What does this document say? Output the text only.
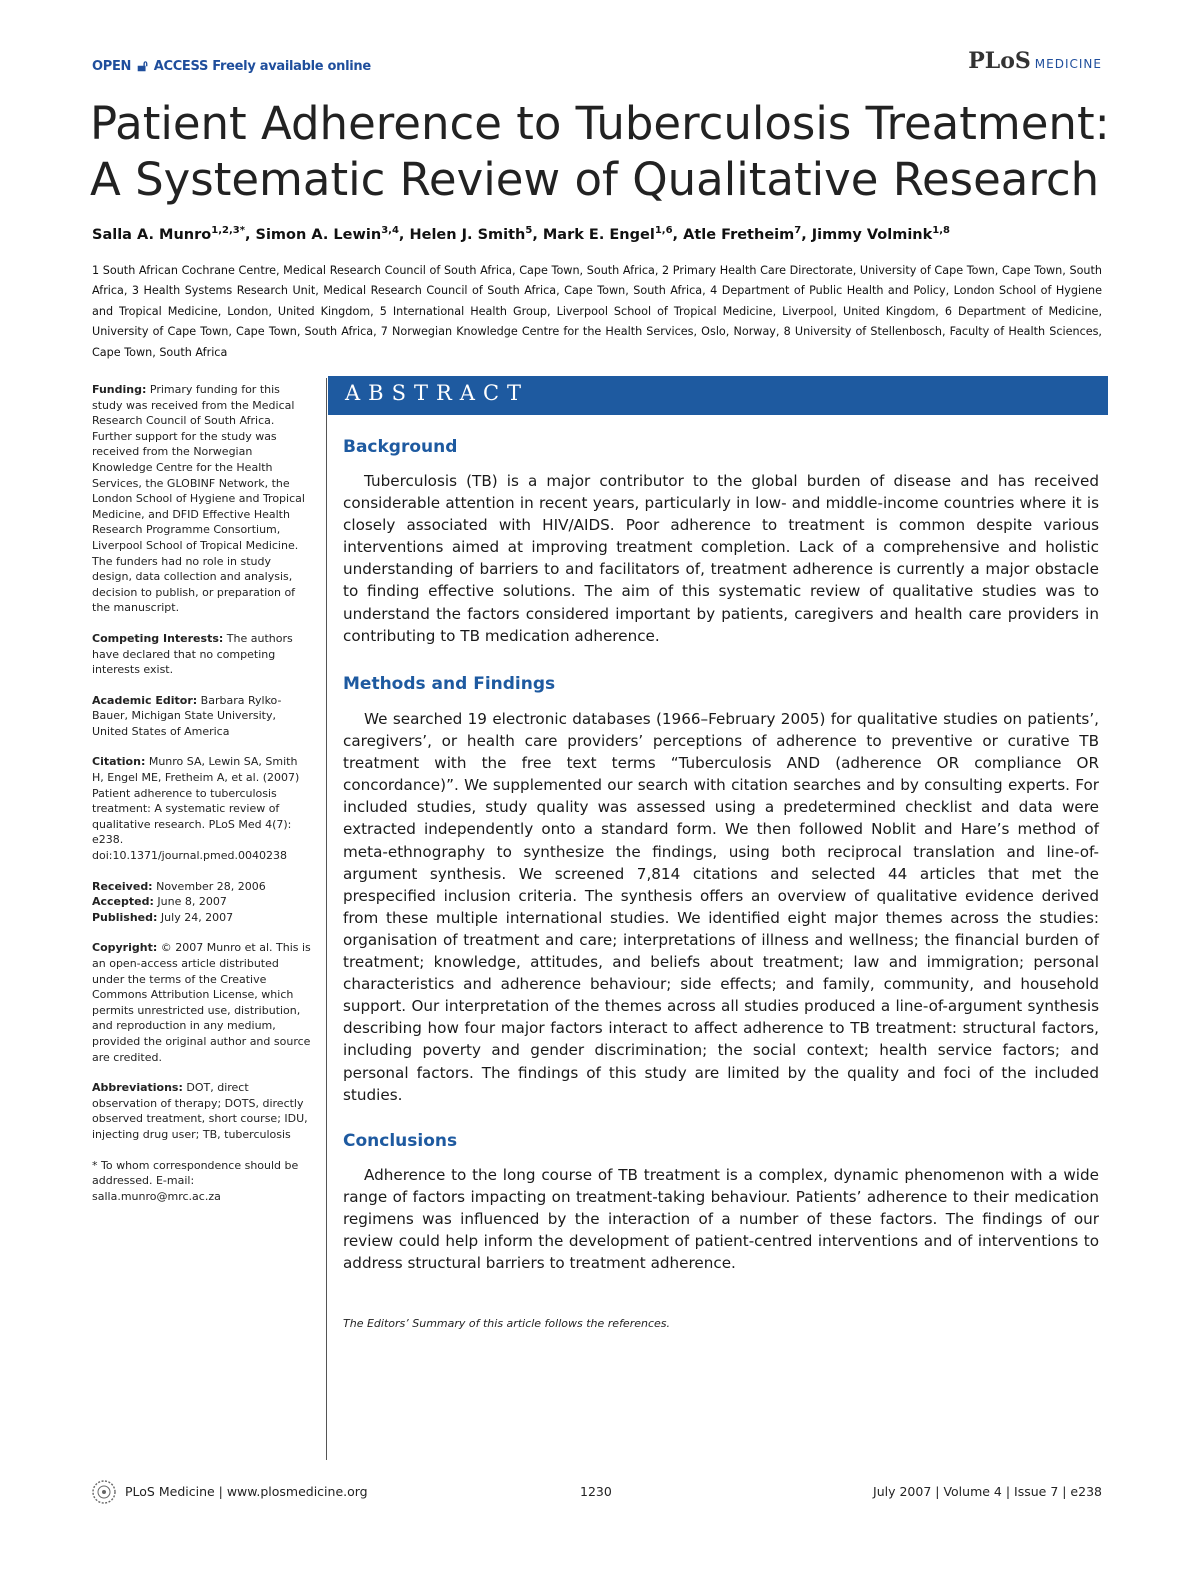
OPEN 🔓︎ ACCESS Freely available online	PLoS MEDICINE
Patient Adherence to Tuberculosis Treatment:
A Systematic Review of Qualitative Research
Salla A. Munro$^{1,2,3*}$, Simon A. Lewin$^{3,4}$, Helen J. Smith$^5$, Mark E. Engel$^{1,6}$, Atle Fretheim$^7$, Jimmy Volmink$^{1,8}$
1 South African Cochrane Centre, Medical Research Council of South Africa, Cape Town, South Africa, 2 Primary Health Care Directorate, University of Cape Town, Cape Town, South Africa, 3 Health Systems Research Unit, Medical Research Council of South Africa, Cape Town, South Africa, 4 Department of Public Health and Policy, London School of Hygiene and Tropical Medicine, London, United Kingdom, 5 International Health Group, Liverpool School of Tropical Medicine, Liverpool, United Kingdom, 6 Department of Medicine, University of Cape Town, Cape Town, South Africa, 7 Norwegian Knowledge Centre for the Health Services, Oslo, Norway, 8 University of Stellenbosch, Faculty of Health Sciences, Cape Town, South Africa
Funding: Primary funding for this study was received from the Medical Research Council of South Africa. Further support for the study was received from the Norwegian Knowledge Centre for the Health Services, the GLOBINF Network, the London School of Hygiene and Tropical Medicine, and DFID Effective Health Research Programme Consortium, Liverpool School of Tropical Medicine. The funders had no role in study design, data collection and analysis, decision to publish, or preparation of the manuscript.
Competing Interests: The authors have declared that no competing interests exist.
Academic Editor: Barbara Rylko-Bauer, Michigan State University, United States of America
Citation: Munro SA, Lewin SA, Smith H, Engel ME, Fretheim A, et al. (2007) Patient adherence to tuberculosis treatment: A systematic review of qualitative research. PLoS Med 4(7): e238. doi:10.1371/journal.pmed.0040238
Received: November 28, 2006
Accepted: June 8, 2007
Published: July 24, 2007
Copyright: © 2007 Munro et al. This is an open-access article distributed under the terms of the Creative Commons Attribution License, which permits unrestricted use, distribution, and reproduction in any medium, provided the original author and source are credited.
Abbreviations: DOT, direct observation of therapy; DOTS, directly observed treatment, short course; IDU, injecting drug user; TB, tuberculosis
* To whom correspondence should be addressed. E-mail: salla.munro@mrc.ac.za
ABSTRACT
Background

Tuberculosis (TB) is a major contributor to the global burden of disease and has received considerable attention in recent years, particularly in low- and middle-income countries where it is closely associated with HIV/AIDS. Poor adherence to treatment is common despite various interventions aimed at improving treatment completion. Lack of a comprehensive and holistic understanding of barriers to and facilitators of, treatment adherence is currently a major obstacle to finding effective solutions. The aim of this systematic review of qualitative studies was to understand the factors considered important by patients, caregivers and health care providers in contributing to TB medication adherence.

Methods and Findings

We searched 19 electronic databases (1966–February 2005) for qualitative studies on patients’, caregivers’, or health care providers’ perceptions of adherence to preventive or curative TB treatment with the free text terms “Tuberculosis AND (adherence OR compliance OR concordance)”. We supplemented our search with citation searches and by consulting experts. For included studies, study quality was assessed using a predetermined checklist and data were extracted independently onto a standard form. We then followed Noblit and Hare’s method of meta-ethnography to synthesize the findings, using both reciprocal translation and line-of-argument synthesis. We screened 7,814 citations and selected 44 articles that met the prespecified inclusion criteria. The synthesis offers an overview of qualitative evidence derived from these multiple international studies. We identified eight major themes across the studies: organisation of treatment and care; interpretations of illness and wellness; the financial burden of treatment; knowledge, attitudes, and beliefs about treatment; law and immigration; personal characteristics and adherence behaviour; side effects; and family, community, and household support. Our interpretation of the themes across all studies produced a line-of-argument synthesis describing how four major factors interact to affect adherence to TB treatment: structural factors, including poverty and gender discrimination; the social context; health service factors; and personal factors. The findings of this study are limited by the quality and foci of the included studies.

Conclusions

Adherence to the long course of TB treatment is a complex, dynamic phenomenon with a wide range of factors impacting on treatment-taking behaviour. Patients’ adherence to their medication regimens was influenced by the interaction of a number of these factors. The findings of our review could help inform the development of patient-centred interventions and of interventions to address structural barriers to treatment adherence.

The Editors’ Summary of this article follows the references.
PLoS Medicine | www.plosmedicine.org	1230	July 2007 | Volume 4 | Issue 7 | e238
